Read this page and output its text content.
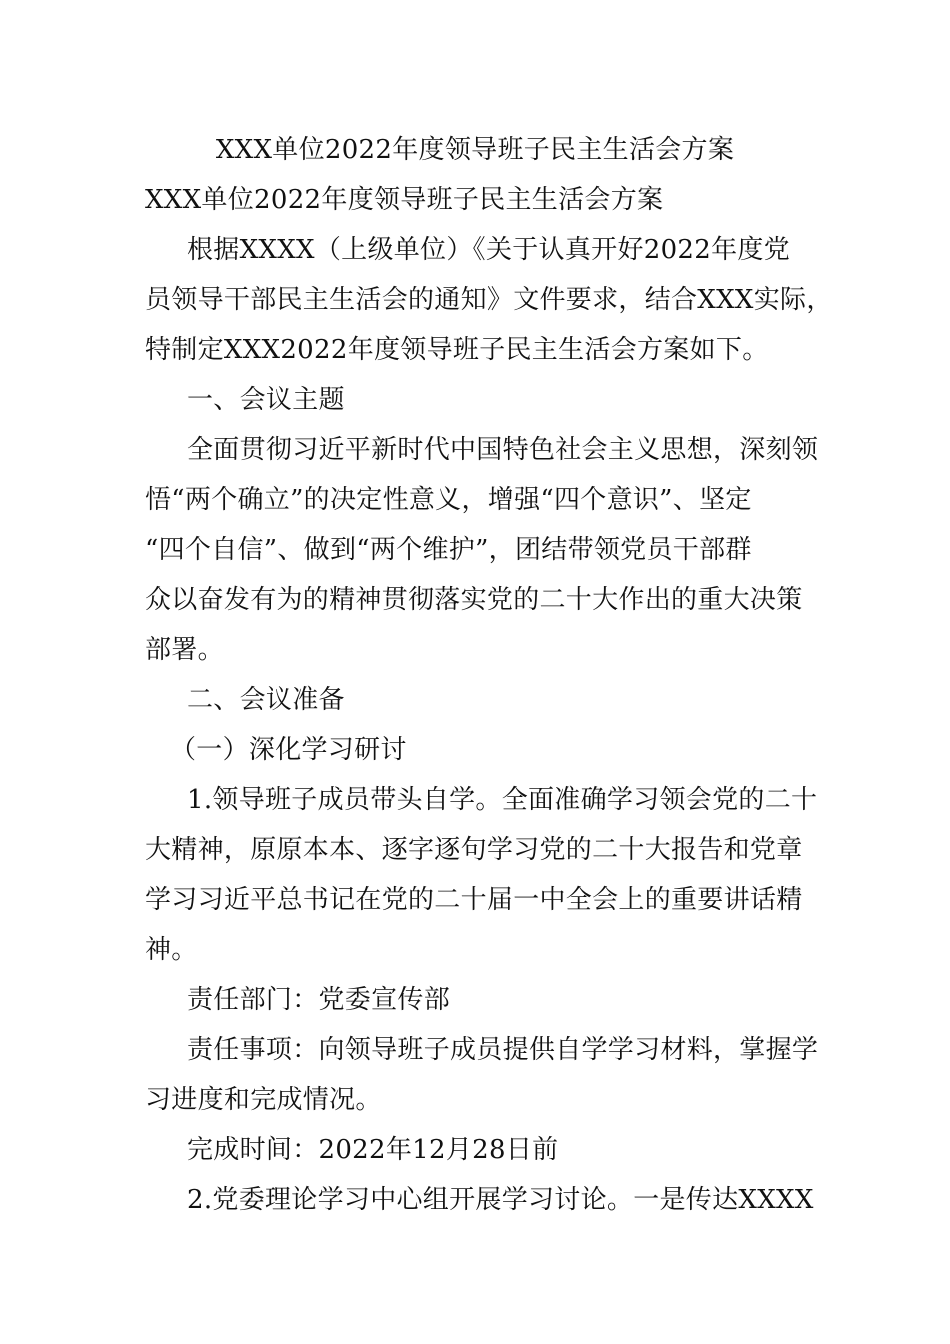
XXX单位2022年度领导班子民主生活会方案
XXX单位2022年度领导班子民主生活会方案
根据XXXX（上级单位）《关于认真开好2022年度党
员领导干部民主生活会的通知》文件要求，结合XXX实际，
特制定XXX2022年度领导班子民主生活会方案如下。
一、会议主题
全面贯彻习近平新时代中国特色社会主义思想，深刻领
悟“两个确立”的决定性意义，增强“四个意识”、坚定
“四个自信”、做到“两个维护”，团结带领党员干部群
众以奋发有为的精神贯彻落实党的二十大作出的重大决策
部署。
二、会议准备
（一）深化学习研讨
1.领导班子成员带头自学。全面准确学习领会党的二十
大精神，原原本本、逐字逐句学习党的二十大报告和党章
学习习近平总书记在党的二十届一中全会上的重要讲话精
神。
责任部门：党委宣传部
责任事项：向领导班子成员提供自学学习材料，掌握学
习进度和完成情况。
完成时间：2022年12月28日前
2.党委理论学习中心组开展学习讨论。一是传达XXXX
